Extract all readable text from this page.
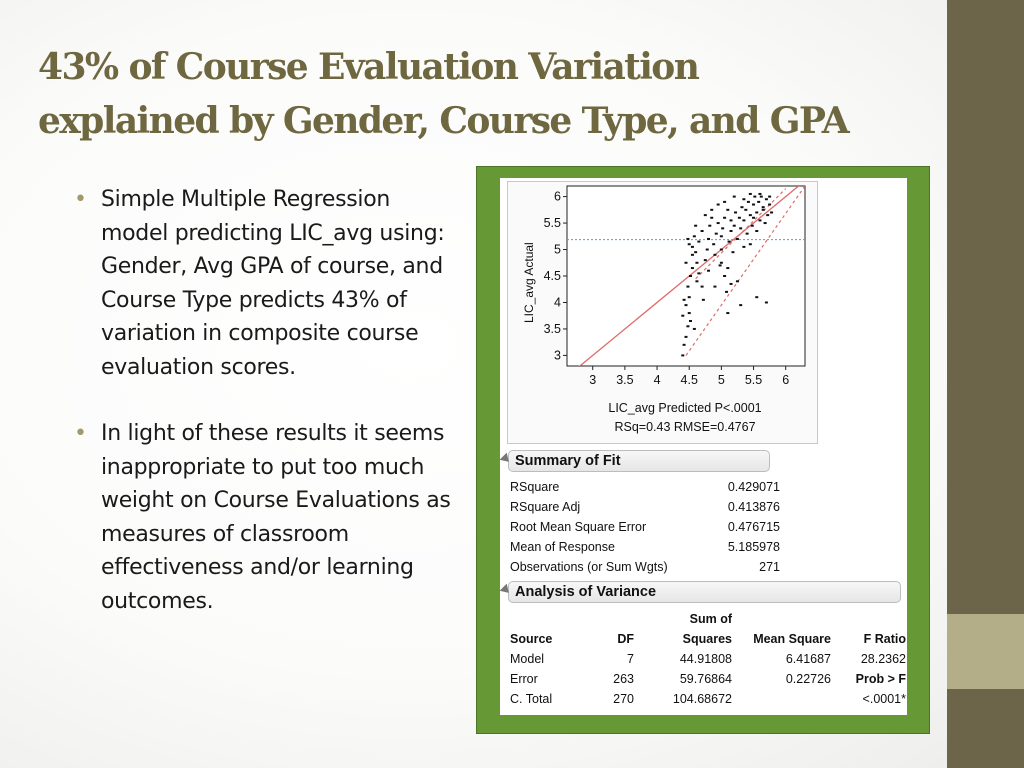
43% of Course Evaluation Variation
explained by Gender, Course Type, and GPA
• Simple Multiple Regression model predicting LIC_avg using: Gender, Avg GPA of course, and Course Type predicts 43% of variation in composite course evaluation scores.
• In light of these results it seems inappropriate to put too much weight on Course Evaluations as measures of classroom effectiveness and/or learning outcomes.
3 3.5 4 4.5 5 5.5 6
3
3.5
4
4.5
5
5.5
6
LIC_avg Actual
LIC_avg Predicted P<.0001
RSq=0.43 RMSE=0.4767
Summary of Fit
RSquare	0.429071
RSquare Adj	0.413876
Root Mean Square Error	0.476715
Mean of Response	5.185978
Observations (or Sum Wgts)	271
Analysis of Variance
		Sum of		
Source	DF	Squares	Mean Square	F Ratio
Model	7	44.91808	6.41687	28.2362
Error	263	59.76864	0.22726	Prob > F
C. Total	270	104.68672		<.0001*
